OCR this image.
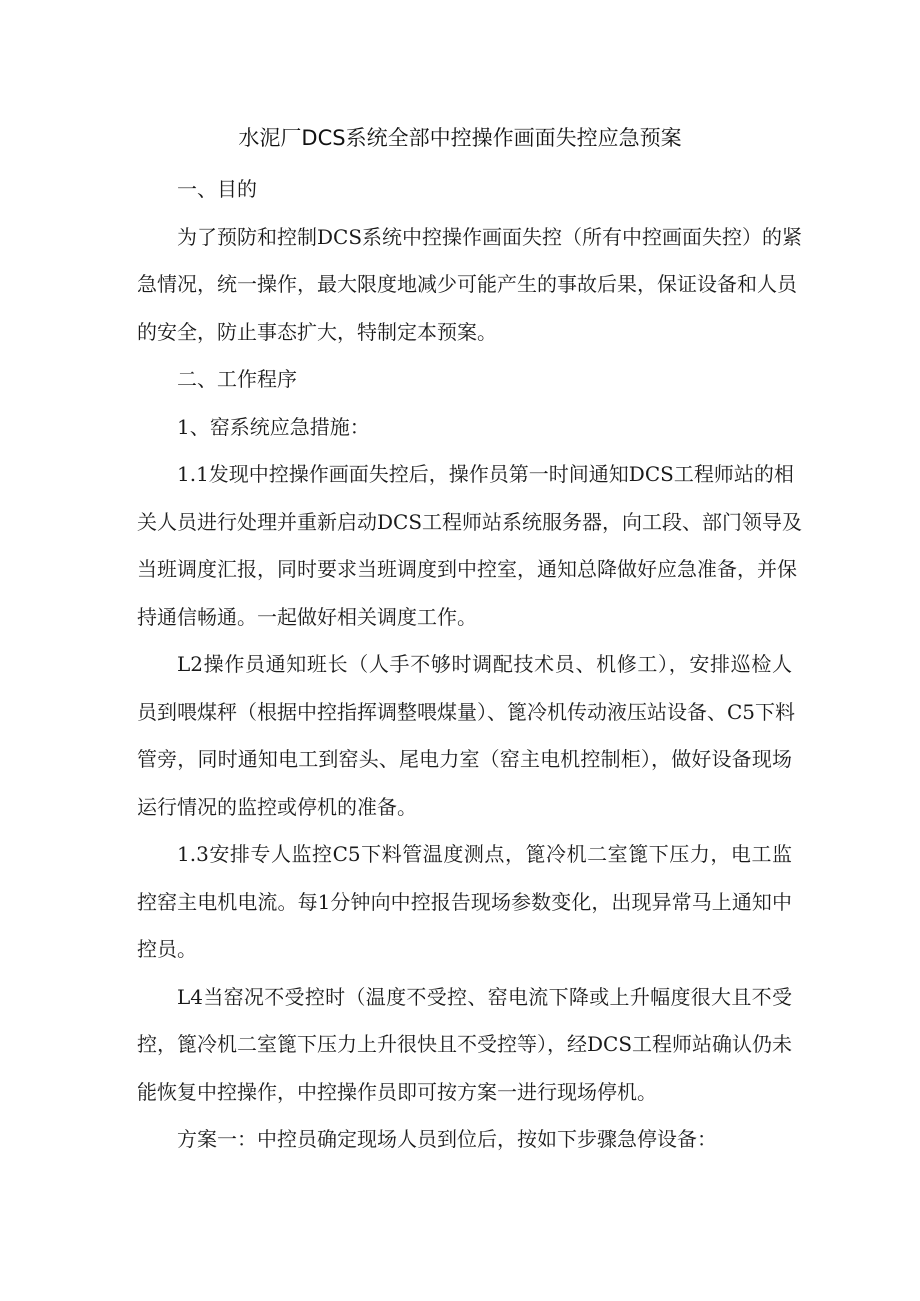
水泥厂DCS系统全部中控操作画面失控应急预案
一、目的
为了预防和控制DCS系统中控操作画面失控（所有中控画面失控）的紧
急情况，统一操作，最大限度地减少可能产生的事故后果，保证设备和人员
的安全，防止事态扩大，特制定本预案。
二、工作程序
1、窑系统应急措施：
1.1发现中控操作画面失控后，操作员第一时间通知DCS工程师站的相
关人员进行处理并重新启动DCS工程师站系统服务器，向工段、部门领导及
当班调度汇报，同时要求当班调度到中控室，通知总降做好应急准备，并保
持通信畅通。一起做好相关调度工作。
L2操作员通知班长（人手不够时调配技术员、机修工），安排巡检人
员到喂煤秤（根据中控指挥调整喂煤量）、篦冷机传动液压站设备、C5下料
管旁，同时通知电工到窑头、尾电力室（窑主电机控制柜），做好设备现场
运行情况的监控或停机的准备。
1.3安排专人监控C5下料管温度测点，篦冷机二室篦下压力，电工监
控窑主电机电流。每1分钟向中控报告现场参数变化，出现异常马上通知中
控员。
L4当窑况不受控时（温度不受控、窑电流下降或上升幅度很大且不受
控，篦冷机二室篦下压力上升很快且不受控等），经DCS工程师站确认仍未
能恢复中控操作，中控操作员即可按方案一进行现场停机。
方案一：中控员确定现场人员到位后，按如下步骤急停设备：
